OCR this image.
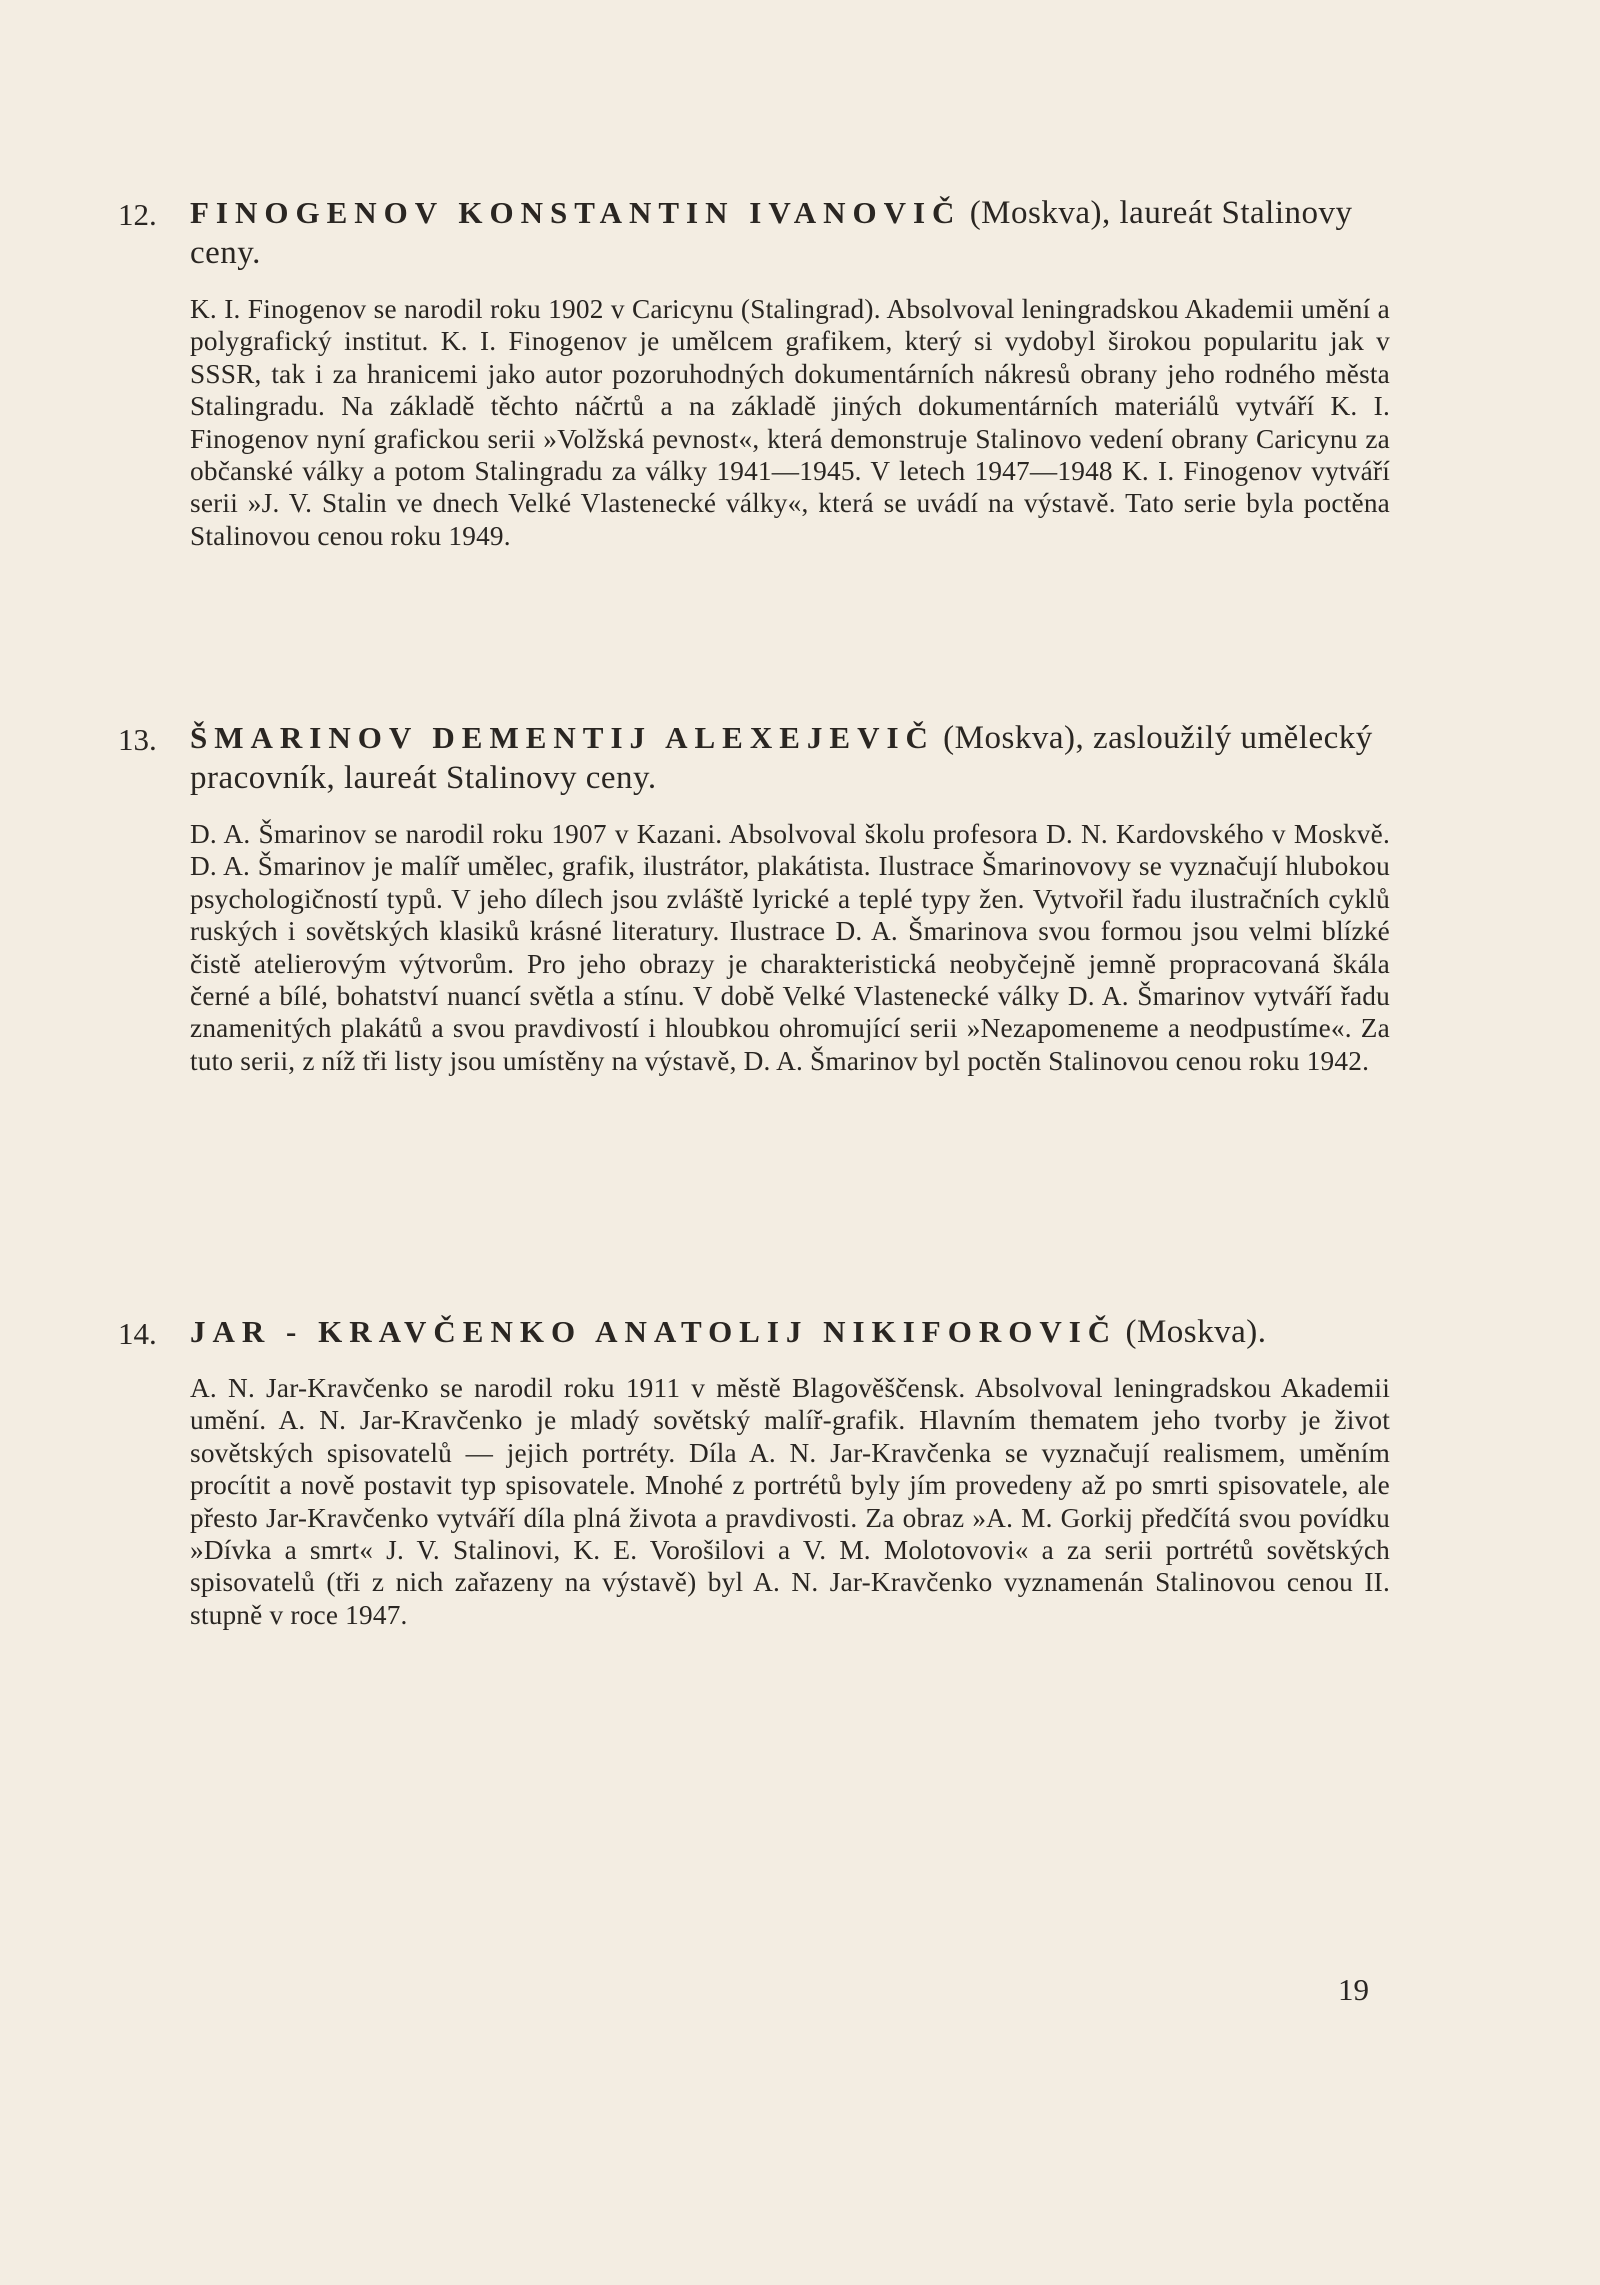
12. FINOGENOV KONSTANTIN IVANOVIČ (Moskva), laureát Stalinovy ceny.

K. I. Finogenov se narodil roku 1902 v Caricynu (Stalingrad). Absolvoval leningradskou Akademii umění a polygrafický institut. K. I. Finogenov je umělcem grafikem, který si vydobyl širokou popularitu jak v SSSR, tak i za hranicemi jako autor pozoruhodných dokumentárních nákresů obrany jeho rodného města Stalingradu. Na základě těchto náčrtů a na základě jiných dokumentárních materiálů vytváří K. I. Finogenov nyní grafickou serii »Volžská pevnost«, která demonstruje Stalinovo vedení obrany Caricynu za občanské války a potom Stalingradu za války 1941—1945. V letech 1947—1948 K. I. Finogenov vytváří serii »J. V. Stalin ve dnech Velké Vlastenecké války«, která se uvádí na výstavě. Tato serie byla poctěna Stalinovou cenou roku 1949.

13. ŠMARINOV DEMENTIJ ALEXEJEVIČ (Moskva), zasloužilý umělecký pracovník, laureát Stalinovy ceny.

D. A. Šmarinov se narodil roku 1907 v Kazani. Absolvoval školu profesora D. N. Kardovského v Moskvě. D. A. Šmarinov je malíř umělec, grafik, ilustrátor, plakátista. Ilustrace Šmarinovovy se vyznačují hlubokou psychologičností typů. V jeho dílech jsou zvláště lyrické a teplé typy žen. Vytvořil řadu ilustračních cyklů ruských i sovětských klasiků krásné literatury. Ilustrace D. A. Šmarinova svou formou jsou velmi blízké čistě atelierovým výtvorům. Pro jeho obrazy je charakteristická neobyčejně jemně propracovaná škála černé a bílé, bohatství nuancí světla a stínu. V době Velké Vlastenecké války D. A. Šmarinov vytváří řadu znamenitých plakátů a svou pravdivostí i hloubkou ohromující serii »Nezapomeneme a neodpustíme«. Za tuto serii, z níž tři listy jsou umístěny na výstavě, D. A. Šmarinov byl poctěn Stalinovou cenou roku 1942.

14. JAR - KRAVČENKO ANATOLIJ NIKIFOROVIČ (Moskva).

A. N. Jar-Kravčenko se narodil roku 1911 v městě Blagověščensk. Absolvoval leningradskou Akademii umění. A. N. Jar-Kravčenko je mladý sovětský malíř-grafik. Hlavním thematem jeho tvorby je život sovětských spisovatelů — jejich portréty. Díla A. N. Jar-Kravčenka se vyznačují realismem, uměním procítit a nově postavit typ spisovatele. Mnohé z portrétů byly jím provedeny až po smrti spisovatele, ale přesto Jar-Kravčenko vytváří díla plná života a pravdivosti. Za obraz »A. M. Gorkij předčítá svou povídku »Dívka a smrt« J. V. Stalinovi, K. E. Vorošilovi a V. M. Molotovovi« a za serii portrétů sovětských spisovatelů (tři z nich zařazeny na výstavě) byl A. N. Jar-Kravčenko vyznamenán Stalinovou cenou II. stupně v roce 1947.

19
